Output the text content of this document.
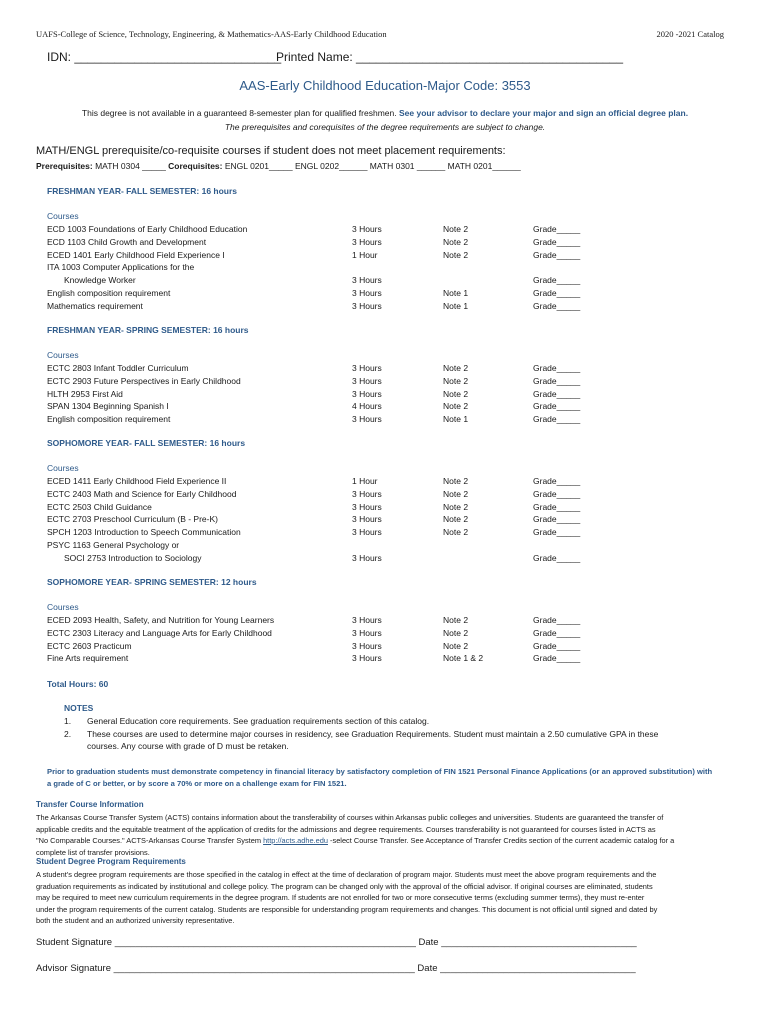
UAFS-College of Science, Technology, Engineering, & Mathematics-AAS-Early Childhood Education	2020 -2021 Catalog
IDN: _______________________________
Printed Name: ________________________________________
AAS-Early Childhood Education-Major Code: 3553
This degree is not available in a guaranteed 8-semester plan for qualified freshmen. See your advisor to declare your major and sign an official degree plan.
The prerequisites and corequisites of the degree requirements are subject to change.
MATH/ENGL prerequisite/co-requisite courses if student does not meet placement requirements:
Prerequisites: MATH 0304 _____ Corequisites: ENGL 0201_____ ENGL 0202______ MATH 0301 ______ MATH 0201______
FRESHMAN YEAR- FALL SEMESTER: 16 hours
Courses
ECD 1003 Foundations of Early Childhood Education	3 Hours	Note 2	Grade_____
ECD 1103 Child Growth and Development	3 Hours	Note 2	Grade_____
ECED 1401 Early Childhood Field Experience I	1 Hour	Note 2	Grade_____
ITA 1003 Computer Applications for the
Knowledge Worker	3 Hours	Grade_____
English composition requirement	3 Hours	Note 1	Grade_____
Mathematics requirement	3 Hours	Note 1	Grade_____
FRESHMAN YEAR- SPRING SEMESTER: 16 hours
Courses
ECTC 2803 Infant Toddler Curriculum	3 Hours	Note 2	Grade_____
ECTC 2903 Future Perspectives in Early Childhood	3 Hours	Note 2	Grade_____
HLTH 2953 First Aid	3 Hours	Note 2	Grade_____
SPAN 1304 Beginning Spanish I	4 Hours	Note 2	Grade_____
English composition requirement	3 Hours	Note 1	Grade_____
SOPHOMORE YEAR- FALL SEMESTER: 16 hours
Courses
ECED 1411 Early Childhood Field Experience II	1 Hour	Note 2	Grade_____
ECTC 2403 Math and Science for Early Childhood	3 Hours	Note 2	Grade_____
ECTC 2503 Child Guidance	3 Hours	Note 2	Grade_____
ECTC 2703 Preschool Curriculum (B - Pre-K)	3 Hours	Note 2	Grade_____
SPCH 1203 Introduction to Speech Communication	3 Hours	Note 2	Grade_____
PSYC 1163 General Psychology or
SOCI 2753 Introduction to Sociology	3 Hours	Grade_____
SOPHOMORE YEAR- SPRING SEMESTER: 12 hours
Courses
ECED 2093 Health, Safety, and Nutrition for Young Learners	3 Hours	Note 2	Grade_____
ECTC 2303 Literacy and Language Arts for Early Childhood	3 Hours	Note 2	Grade_____
ECTC 2603 Practicum	3 Hours	Note 2	Grade_____
Fine Arts requirement	3 Hours	Note 1 & 2	Grade_____
Total Hours: 60
NOTES
1. General Education core requirements. See graduation requirements section of this catalog.
2. These courses are used to determine major courses in residency, see Graduation Requirements. Student must maintain a 2.50 cumulative GPA in these
courses. Any course with grade of D must be retaken.
Prior to graduation students must demonstrate competency in financial literacy by satisfactory completion of FIN 1521 Personal Finance Applications (or an approved substitution) with
a grade of C or better, or by score a 70% or more on a challenge exam for FIN 1521.
Transfer Course Information
The Arkansas Course Transfer System (ACTS) contains information about the transferability of courses within Arkansas public colleges and universities. Students are guaranteed the transfer of
applicable credits and the equitable treatment of the application of credits for the admissions and degree requirements. Courses transferability is not guaranteed for courses listed in ACTS as
"No Comparable Courses." ACTS-Arkansas Course Transfer System http://acts.adhe.edu -select Course Transfer. See Acceptance of Transfer Credits section of the current academic catalog for a
complete list of transfer provisions.
Student Degree Program Requirements
A student's degree program requirements are those specified in the catalog in effect at the time of declaration of program major. Students must meet the above program requirements and the
graduation requirements as indicated by institutional and college policy. The program can be changed only with the approval of the official advisor. If original courses are eliminated, students
may be required to meet new curriculum requirements in the degree program. If students are not enrolled for two or more consecutive terms (excluding summer terms), they must re-enter
under the program requirements of the current catalog. Students are responsible for understanding program requirements and changes. This document is not official until signed and dated by
both the student and an authorized university representative.
Student Signature _________________________________________________________ Date _____________________________________
Advisor Signature _________________________________________________________ Date _____________________________________
